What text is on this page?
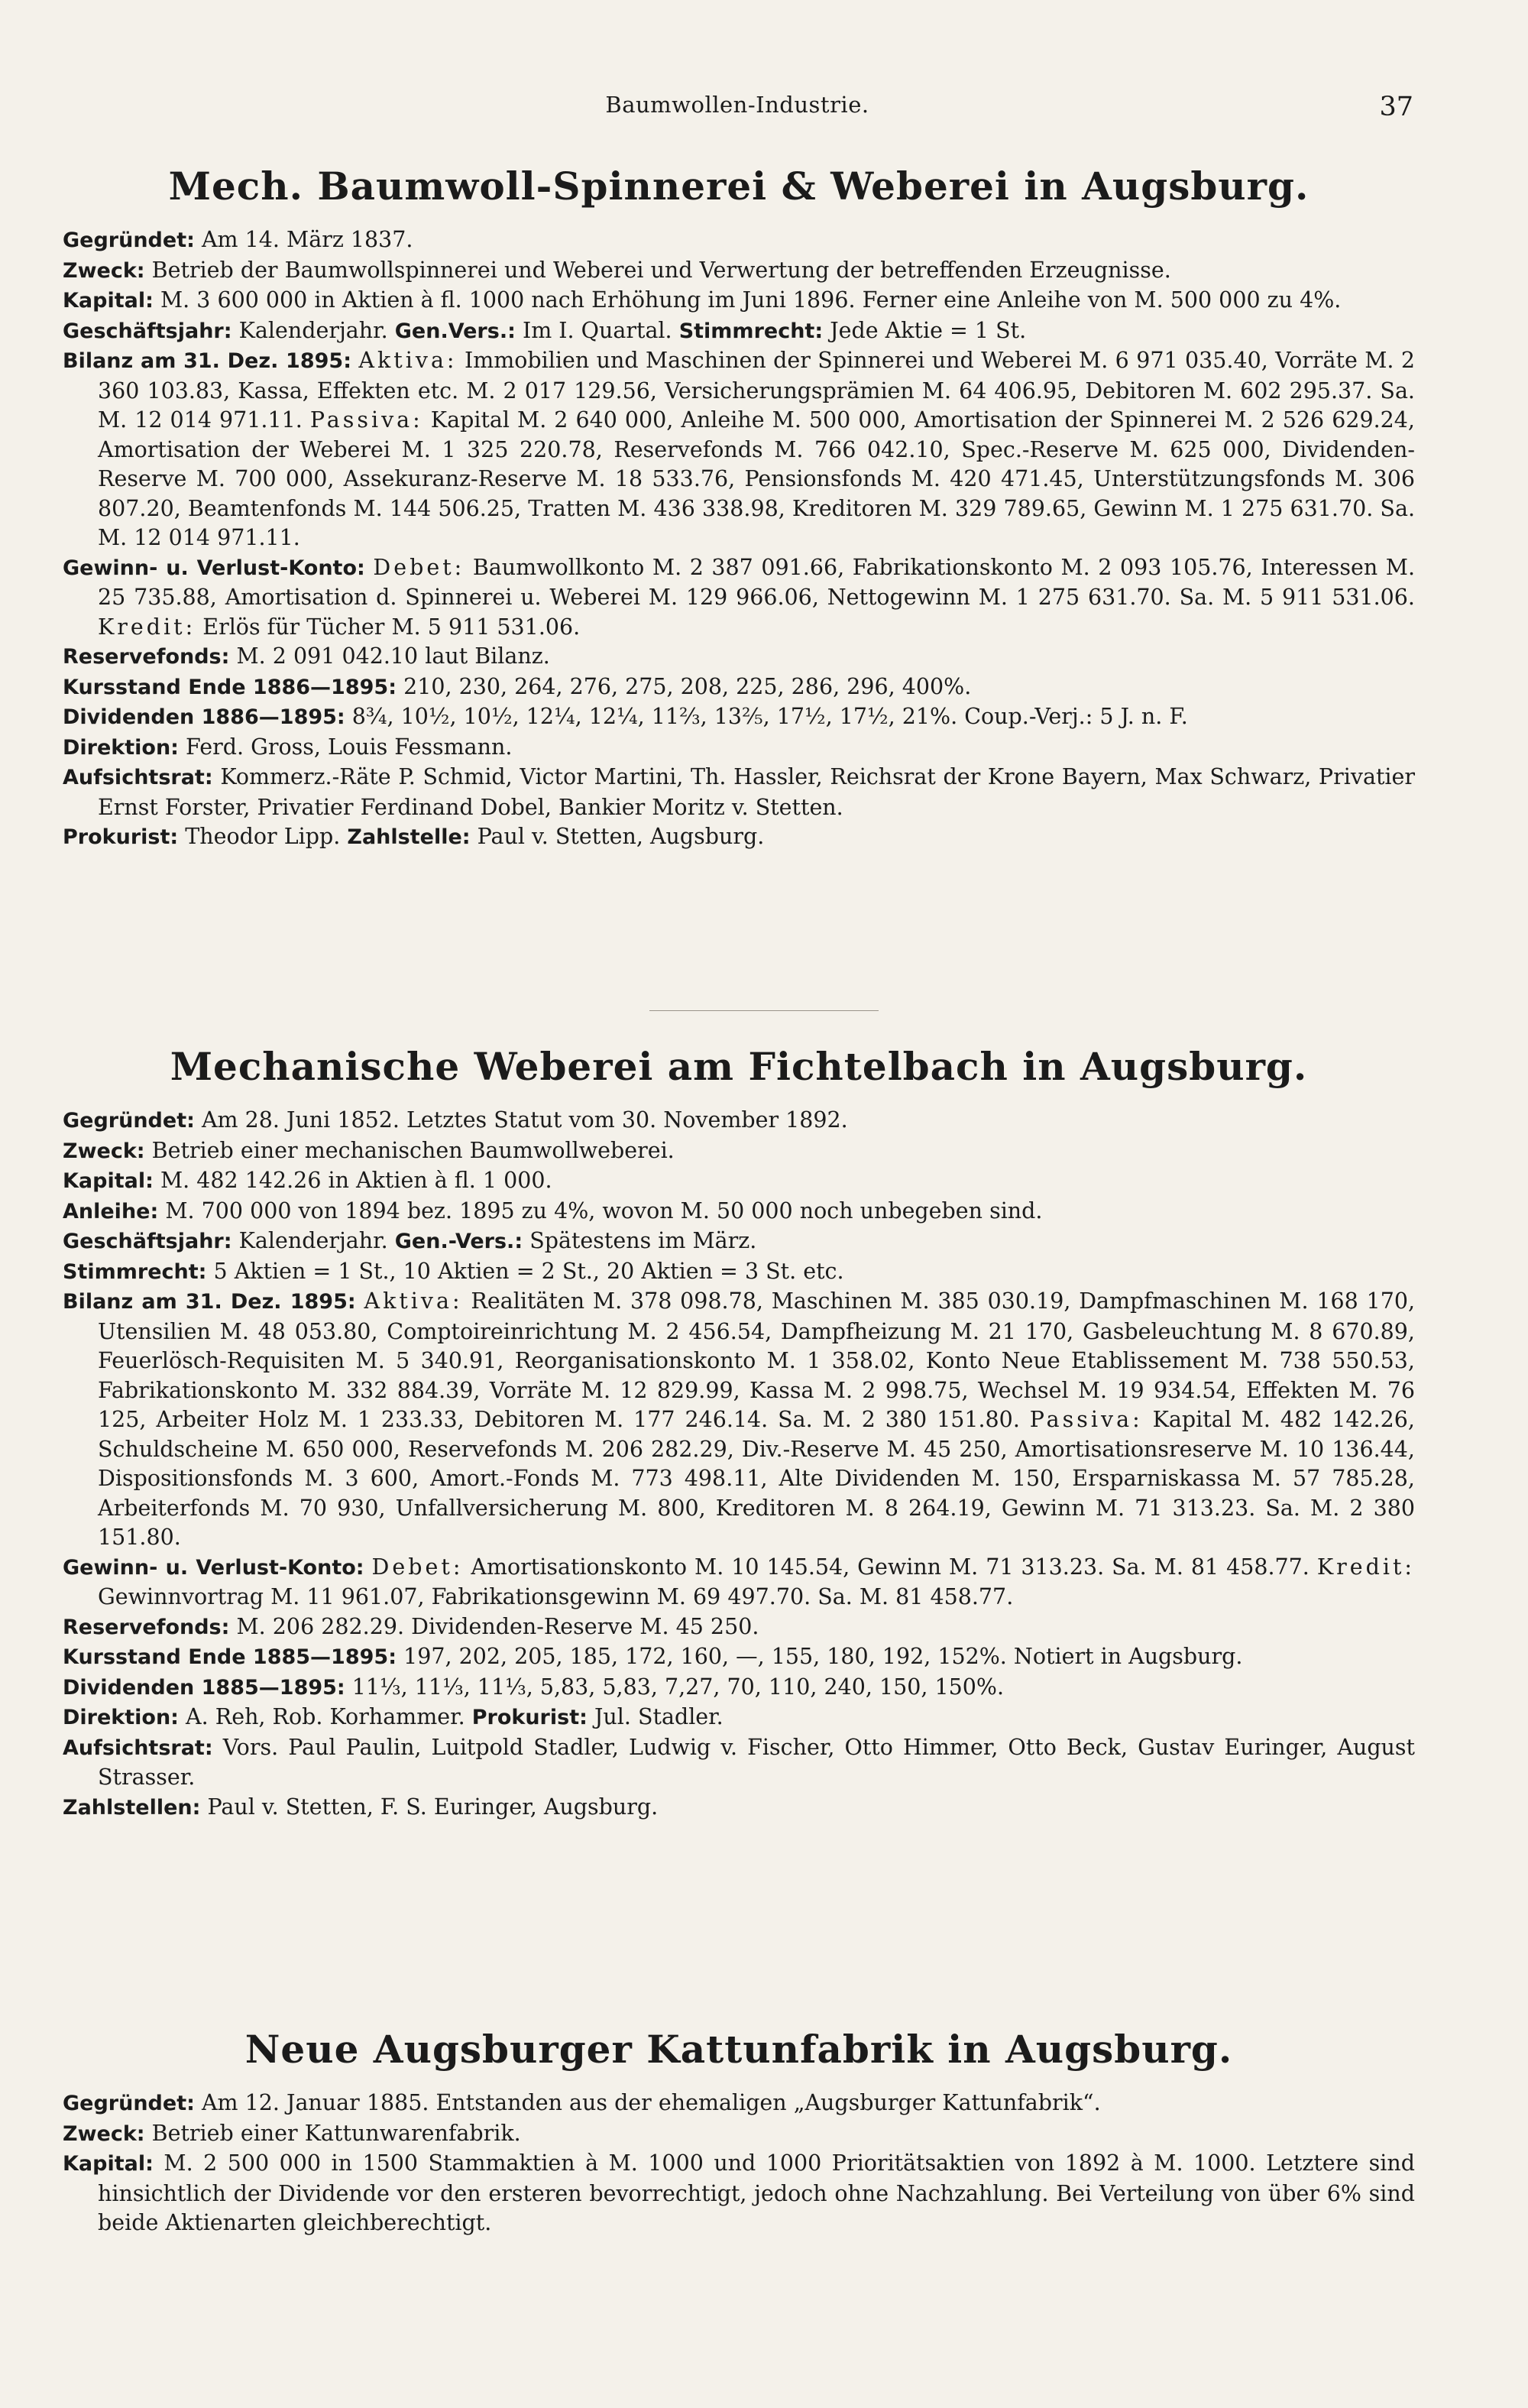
Baumwollen-Industrie.	37
Mech. Baumwoll-Spinnerei & Weberei in Augsburg.

Gegründet: Am 14. März 1837.

Zweck: Betrieb der Baumwollspinnerei und Weberei und Verwertung der betreffenden Erzeugnisse.

Kapital: M. 3 600 000 in Aktien à fl. 1000 nach Erhöhung im Juni 1896. Ferner eine Anleihe von M. 500 000 zu 4%.

Geschäftsjahr: Kalenderjahr. Gen.Vers.: Im I. Quartal. Stimmrecht: Jede Aktie = 1 St.

Bilanz am 31. Dez. 1895: Aktiva: Immobilien und Maschinen der Spinnerei und Weberei M. 6 971 035.40, Vorräte M. 2 360 103.83, Kassa, Effekten etc. M. 2 017 129.56, Versicherungsprämien M. 64 406.95, Debitoren M. 602 295.37. Sa. M. 12 014 971.11. Passiva: Kapital M. 2 640 000, Anleihe M. 500 000, Amortisation der Spinnerei M. 2 526 629.24, Amortisation der Weberei M. 1 325 220.78, Reservefonds M. 766 042.10, Spec.-Reserve M. 625 000, Dividenden-Reserve M. 700 000, Assekuranz-Reserve M. 18 533.76, Pensionsfonds M. 420 471.45, Unterstützungsfonds M. 306 807.20, Beamtenfonds M. 144 506.25, Tratten M. 436 338.98, Kreditoren M. 329 789.65, Gewinn M. 1 275 631.70. Sa. M. 12 014 971.11.

Gewinn- u. Verlust-Konto: Debet: Baumwollkonto M. 2 387 091.66, Fabrikationskonto M. 2 093 105.76, Interessen M. 25 735.88, Amortisation d. Spinnerei u. Weberei M. 129 966.06, Nettogewinn M. 1 275 631.70. Sa. M. 5 911 531.06. Kredit: Erlös für Tücher M. 5 911 531.06.

Reservefonds: M. 2 091 042.10 laut Bilanz.

Kursstand Ende 1886—1895: 210, 230, 264, 276, 275, 208, 225, 286, 296, 400%.

Dividenden 1886—1895: 8¾, 10½, 10½, 12¼, 12¼, 11⅔, 13⅖, 17½, 17½, 21%. Coup.-Verj.: 5 J. n. F.

Direktion: Ferd. Gross, Louis Fessmann.

Aufsichtsrat: Kommerz.-Räte P. Schmid, Victor Martini, Th. Hassler, Reichsrat der Krone Bayern, Max Schwarz, Privatier Ernst Forster, Privatier Ferdinand Dobel, Bankier Moritz v. Stetten.

Prokurist: Theodor Lipp. Zahlstelle: Paul v. Stetten, Augsburg.

Mechanische Weberei am Fichtelbach in Augsburg.

Gegründet: Am 28. Juni 1852. Letztes Statut vom 30. November 1892.

Zweck: Betrieb einer mechanischen Baumwollweberei.

Kapital: M. 482 142.26 in Aktien à fl. 1 000.

Anleihe: M. 700 000 von 1894 bez. 1895 zu 4%, wovon M. 50 000 noch unbegeben sind.

Geschäftsjahr: Kalenderjahr. Gen.-Vers.: Spätestens im März.

Stimmrecht: 5 Aktien = 1 St., 10 Aktien = 2 St., 20 Aktien = 3 St. etc.

Bilanz am 31. Dez. 1895: Aktiva: Realitäten M. 378 098.78, Maschinen M. 385 030.19, Dampfmaschinen M. 168 170, Utensilien M. 48 053.80, Comptoireinrichtung M. 2 456.54, Dampfheizung M. 21 170, Gasbeleuchtung M. 8 670.89, Feuerlösch-Requisiten M. 5 340.91, Reorganisationskonto M. 1 358.02, Konto Neue Etablissement M. 738 550.53, Fabrikationskonto M. 332 884.39, Vorräte M. 12 829.99, Kassa M. 2 998.75, Wechsel M. 19 934.54, Effekten M. 76 125, Arbeiter Holz M. 1 233.33, Debitoren M. 177 246.14. Sa. M. 2 380 151.80. Passiva: Kapital M. 482 142.26, Schuldscheine M. 650 000, Reservefonds M. 206 282.29, Div.-Reserve M. 45 250, Amortisationsreserve M. 10 136.44, Dispositionsfonds M. 3 600, Amort.-Fonds M. 773 498.11, Alte Dividenden M. 150, Ersparniskassa M. 57 785.28, Arbeiterfonds M. 70 930, Unfallversicherung M. 800, Kreditoren M. 8 264.19, Gewinn M. 71 313.23. Sa. M. 2 380 151.80.

Gewinn- u. Verlust-Konto: Debet: Amortisationskonto M. 10 145.54, Gewinn M. 71 313.23. Sa. M. 81 458.77. Kredit: Gewinnvortrag M. 11 961.07, Fabrikationsgewinn M. 69 497.70. Sa. M. 81 458.77.

Reservefonds: M. 206 282.29. Dividenden-Reserve M. 45 250.

Kursstand Ende 1885—1895: 197, 202, 205, 185, 172, 160, —, 155, 180, 192, 152%. Notiert in Augsburg.

Dividenden 1885—1895: 11⅓, 11⅓, 11⅓, 5,83, 5,83, 7,27, 70, 110, 240, 150, 150%.

Direktion: A. Reh, Rob. Korhammer. Prokurist: Jul. Stadler.

Aufsichtsrat: Vors. Paul Paulin, Luitpold Stadler, Ludwig v. Fischer, Otto Himmer, Otto Beck, Gustav Euringer, August Strasser.

Zahlstellen: Paul v. Stetten, F. S. Euringer, Augsburg.

Neue Augsburger Kattunfabrik in Augsburg.

Gegründet: Am 12. Januar 1885. Entstanden aus der ehemaligen „Augsburger Kattunfabrik“.

Zweck: Betrieb einer Kattunwarenfabrik.

Kapital: M. 2 500 000 in 1500 Stammaktien à M. 1000 und 1000 Prioritätsaktien von 1892 à M. 1000. Letztere sind hinsichtlich der Dividende vor den ersteren bevorrechtigt, jedoch ohne Nachzahlung. Bei Verteilung von über 6% sind beide Aktienarten gleichberechtigt.
